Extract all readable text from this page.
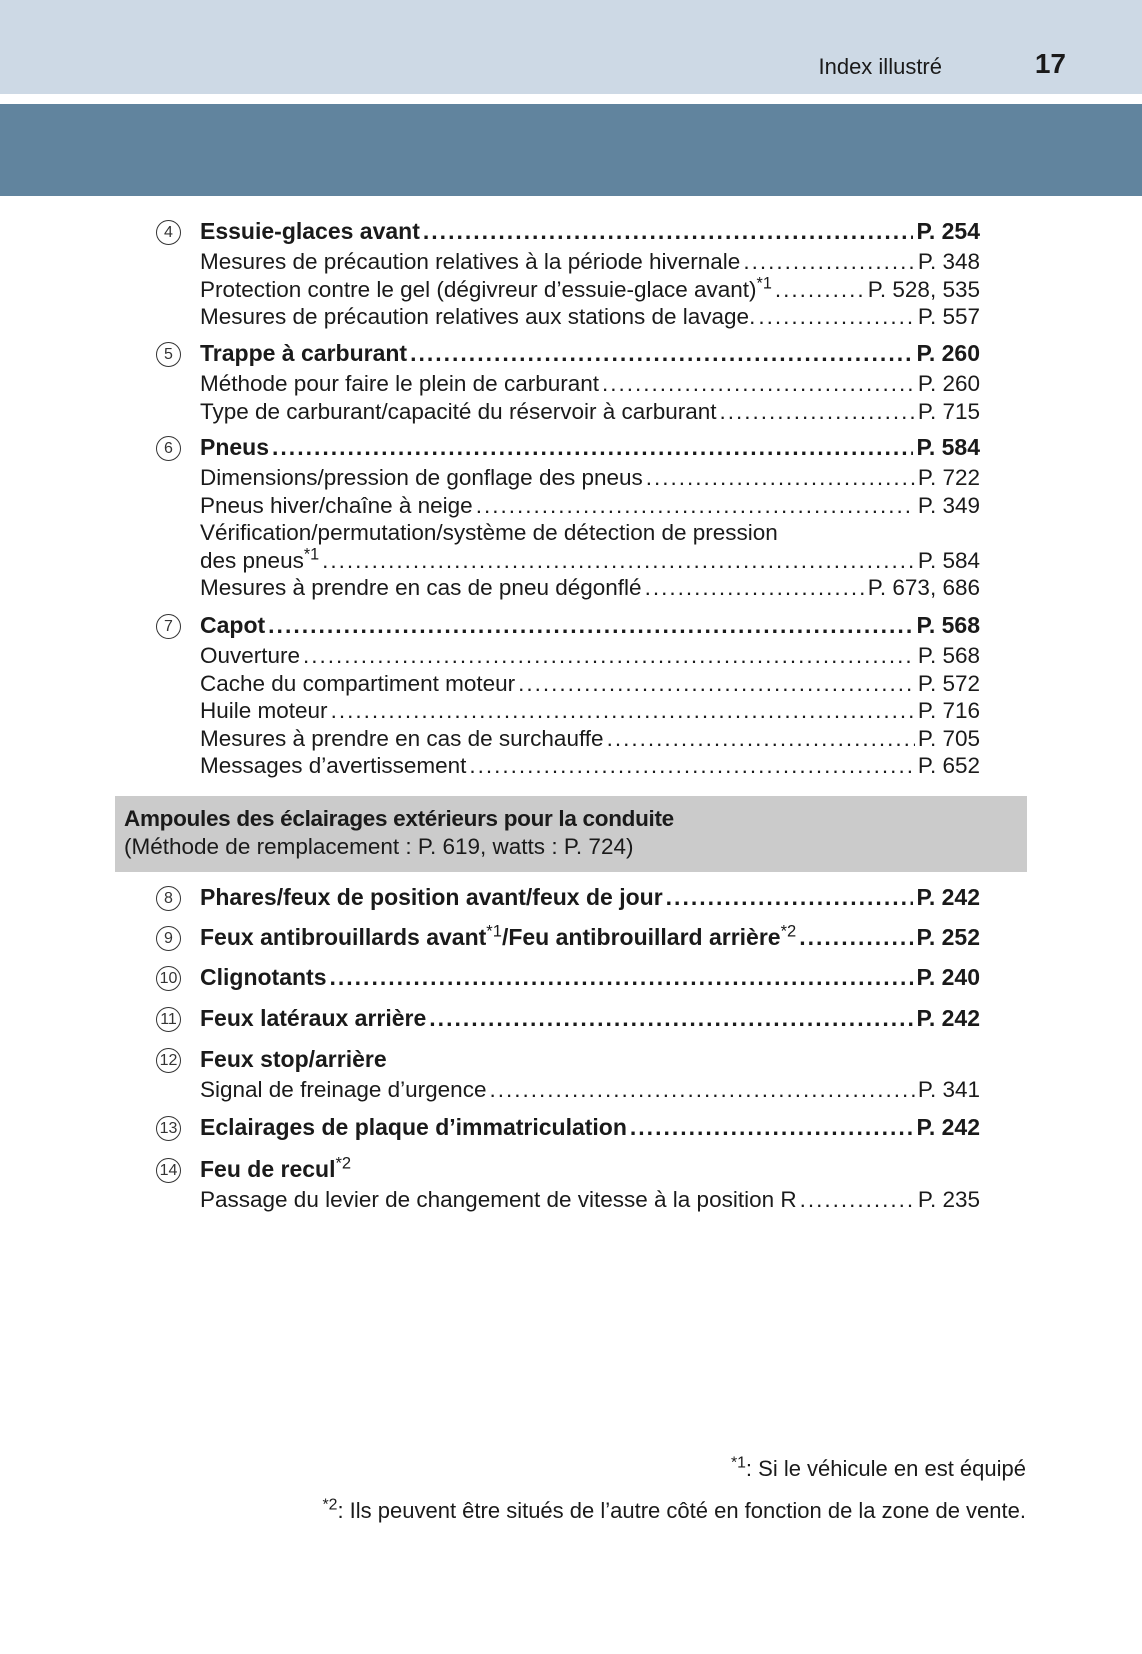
Index illustré	17
4	Essuie-glaces avant .....	P. 254
Mesures de précaution relatives à la période hivernale .....	P. 348
Protection contre le gel (dégivreur d’essuie-glace avant)$^{*1}$ .....	P. 528, 535
Mesures de précaution relatives aux stations de lavage. .....	P. 557
5	Trappe à carburant .....	P. 260
Méthode pour faire le plein de carburant .....	P. 260
Type de carburant/capacité du réservoir à carburant .....	P. 715
6	Pneus .....	P. 584
Dimensions/pression de gonflage des pneus .....	P. 722
Pneus hiver/chaîne à neige .....	P. 349
Vérification/permutation/système de détection de pression
des pneus$^{*1}$ .....	P. 584
Mesures à prendre en cas de pneu dégonflé .....	P. 673, 686
7	Capot .....	P. 568
Ouverture .....	P. 568
Cache du compartiment moteur .....	P. 572
Huile moteur .....	P. 716
Mesures à prendre en cas de surchauffe .....	P. 705
Messages d’avertissement .....	P. 652
8	Phares/feux de position avant/feux de jour .....	P. 242
9	Feux antibrouillards avant$^{*1}$/Feu antibrouillard arrière$^{*2}$ .....	P. 252
10 Clignotants .....	P. 240
11 Feux latéraux arrière .....	P. 242
12 Feux stop/arrière
Signal de freinage d’urgence .....	P. 341
13 Eclairages de plaque d’immatriculation .....	P. 242
14 Feu de recul$^{*2}$
Passage du levier de changement de vitesse à la position R .....	P. 235
Ampoules des éclairages extérieurs pour la conduite
(Méthode de remplacement : P. 619, watts : P. 724)
$^{*1}$: Si le véhicule en est équipé
$^{*2}$: Ils peuvent être situés de l’autre côté en fonction de la zone de vente.
